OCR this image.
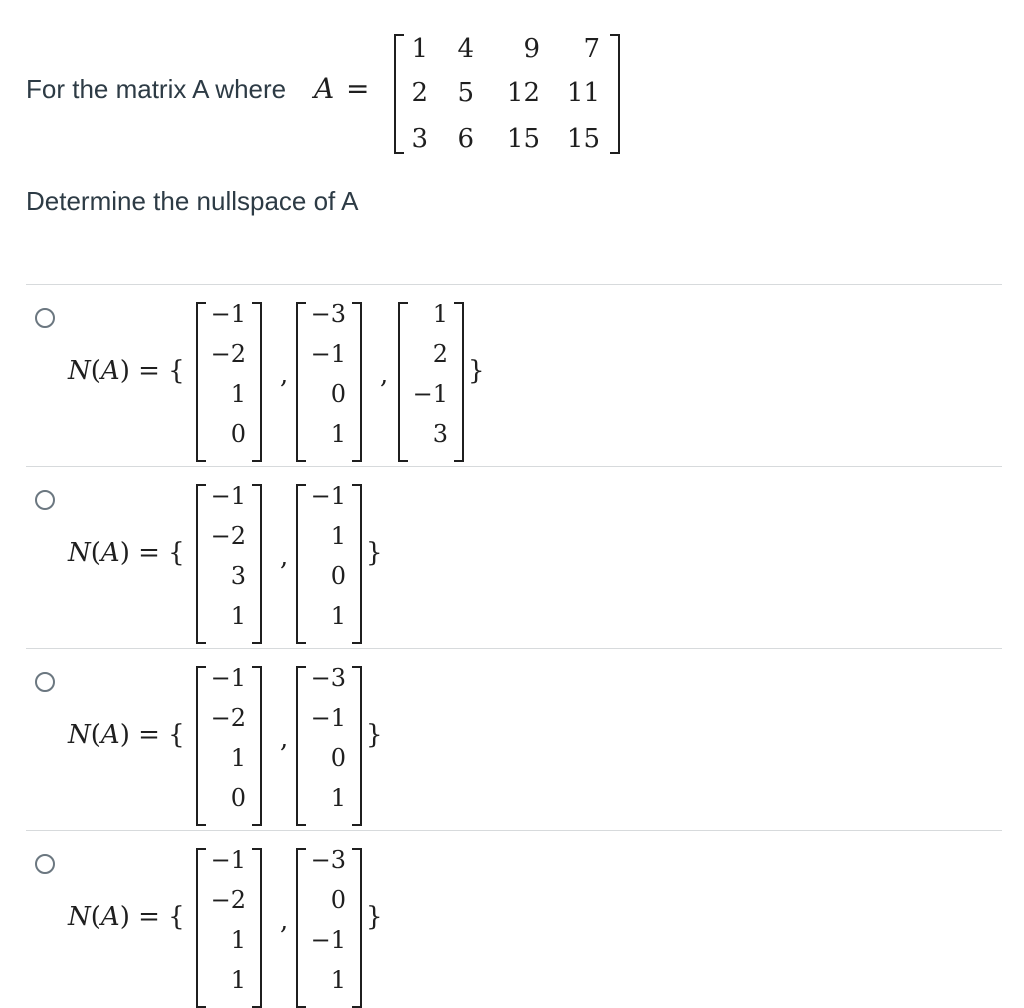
For the matrix A where A =
1	4	9	7
2	5	12	11
3	6	15	15
Determine the nullspace of A
N(A) = {
−1
−2
1
0
,
−3
−1
0
1
,
1
2
−1
3
}
N(A) = {
−1
−2
3
1
,
−1
1
0
1
}
N(A) = {
−1
−2
1
0
,
−3
−1
0
1
}
N(A) = {
−1
−2
1
1
,
−3
0
−1
1
}
